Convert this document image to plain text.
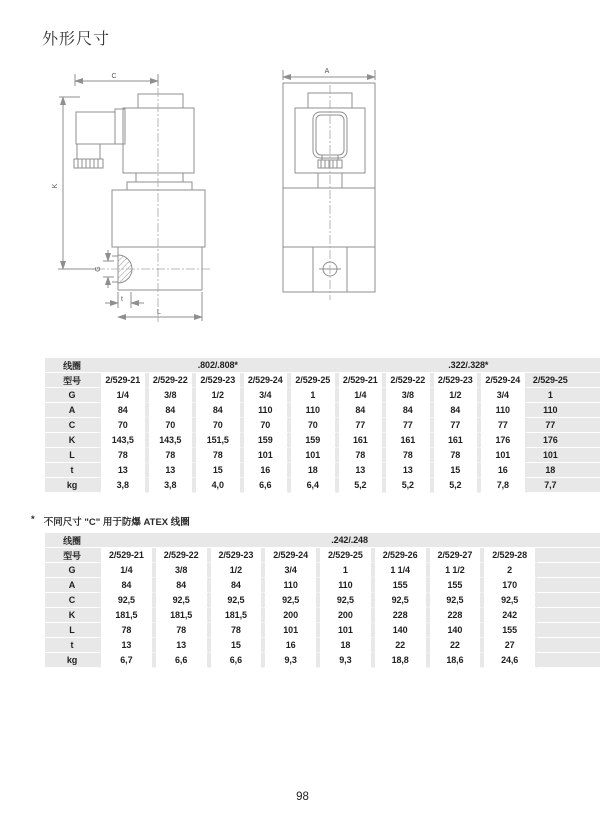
外形尺寸
C
K
G
t
L
A
线圈	.802/.808*					.322/.328*					
型号	2/529-21	2/529-22	2/529-23	2/529-24	2/529-25	2/529-21	2/529-22	2/529-23	2/529-24	2/529-25	
G	1/4	3/8	1/2	3/4	1	1/4	3/8	1/2	3/4	1	
A	84	84	84	110	110	84	84	84	110	110	
C	70	70	70	70	70	77	77	77	77	77	
K	143,5	143,5	151,5	159	159	161	161	161	176	176	
L	78	78	78	101	101	78	78	78	101	101	
t	13	13	15	16	18	13	13	15	16	18	
kg	3,8	3,8	4,0	6,6	6,4	5,2	5,2	5,2	7,8	7,7	
* 不同尺寸 "C" 用于防爆 ATEX 线圈
线圈	.242/.248								
型号	2/529-21	2/529-22	2/529-23	2/529-24	2/529-25	2/529-26	2/529-27	2/529-28	
G	1/4	3/8	1/2	3/4	1	1 1/4	1 1/2	2	
A	84	84	84	110	110	155	155	170	
C	92,5	92,5	92,5	92,5	92,5	92,5	92,5	92,5	
K	181,5	181,5	181,5	200	200	228	228	242	
L	78	78	78	101	101	140	140	155	
t	13	13	15	16	18	22	22	27	
kg	6,7	6,6	6,6	9,3	9,3	18,8	18,6	24,6	
98
